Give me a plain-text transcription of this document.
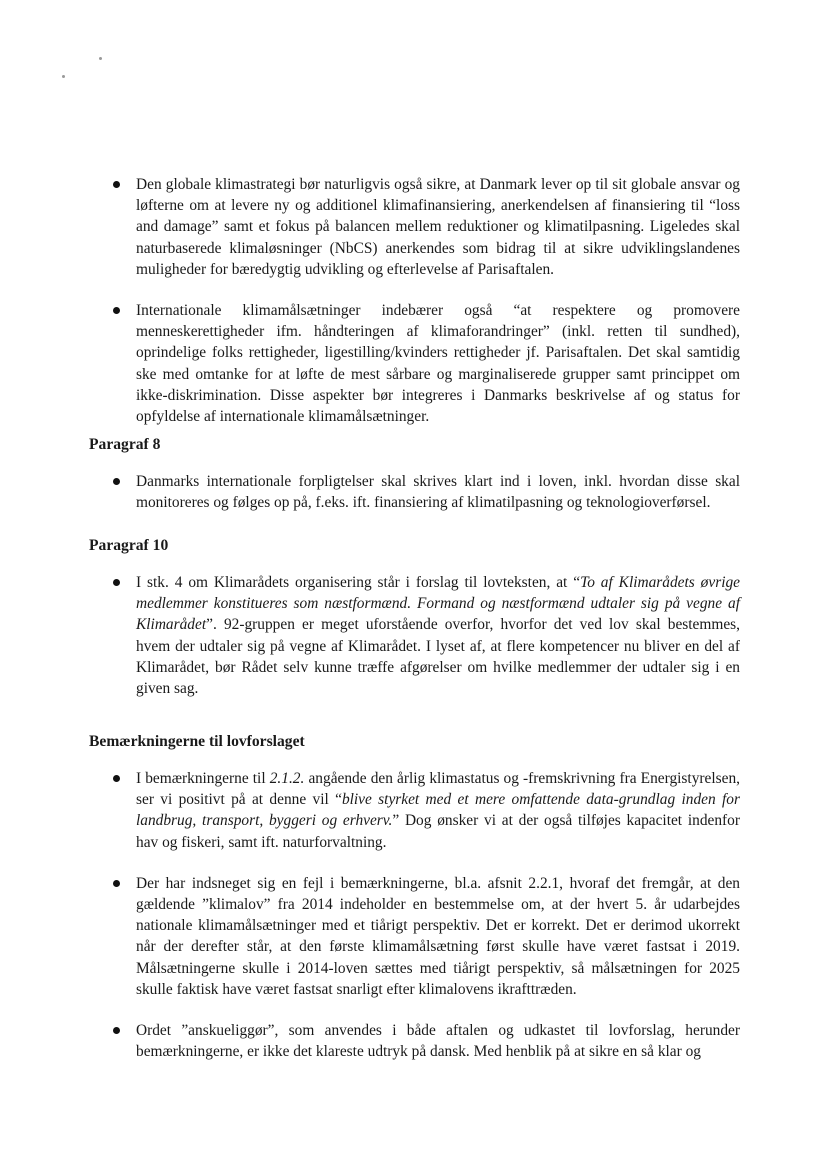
Den globale klimastrategi bør naturligvis også sikre, at Danmark lever op til sit globale ansvar og løfterne om at levere ny og additionel klimafinansiering, anerkendelsen af finansiering til “loss and damage” samt et fokus på balancen mellem reduktioner og klimatilpasning. Ligeledes skal naturbaserede klimaløsninger (NbCS) anerkendes som bidrag til at sikre udviklingslandenes muligheder for bæredygtig udvikling og efterlevelse af Parisaftalen.
Internationale klimamålsætninger indebærer også “at respektere og promovere menneskerettigheder ifm. håndteringen af klimaforandringer” (inkl. retten til sundhed), oprindelige folks rettigheder, ligestilling/kvinders rettigheder jf. Parisaftalen. Det skal samtidig ske med omtanke for at løfte de mest sårbare og marginaliserede grupper samt princippet om ikke-diskrimination. Disse aspekter bør integreres i Danmarks beskrivelse af og status for opfyldelse af internationale klimamålsætninger.
Paragraf 8
Danmarks internationale forpligtelser skal skrives klart ind i loven, inkl. hvordan disse skal monitoreres og følges op på, f.eks. ift. finansiering af klimatilpasning og teknologioverførsel.
Paragraf 10
I stk. 4 om Klimarådets organisering står i forslag til lovteksten, at “To af Klimarådets øvrige medlemmer konstitueres som næstformænd. Formand og næstformænd udtaler sig på vegne af Klimarådet”. 92-gruppen er meget uforstående overfor, hvorfor det ved lov skal bestemmes, hvem der udtaler sig på vegne af Klimarådet. I lyset af, at flere kompetencer nu bliver en del af Klimarådet, bør Rådet selv kunne træffe afgørelser om hvilke medlemmer der udtaler sig i en given sag.
Bemærkningerne til lovforslaget
I bemærkningerne til 2.1.2. angående den årlig klimastatus og -fremskrivning fra Energistyrelsen, ser vi positivt på at denne vil “blive styrket med et mere omfattende data-grundlag inden for landbrug, transport, byggeri og erhverv.” Dog ønsker vi at der også tilføjes kapacitet indenfor hav og fiskeri, samt ift. naturforvaltning.
Der har indsneget sig en fejl i bemærkningerne, bl.a. afsnit 2.2.1, hvoraf det fremgår, at den gældende ”klimalov” fra 2014 indeholder en bestemmelse om, at der hvert 5. år udarbejdes nationale klimamålsætninger med et tiårigt perspektiv. Det er korrekt. Det er derimod ukorrekt når der derefter står, at den første klimamålsætning først skulle have været fastsat i 2019. Målsætningerne skulle i 2014-loven sættes med tiårigt perspektiv, så målsætningen for 2025 skulle faktisk have været fastsat snarligt efter klimalovens ikrafttræden.
Ordet ”anskueliggør”, som anvendes i både aftalen og udkastet til lovforslag, herunder bemærkningerne, er ikke det klareste udtryk på dansk. Med henblik på at sikre en så klar og
